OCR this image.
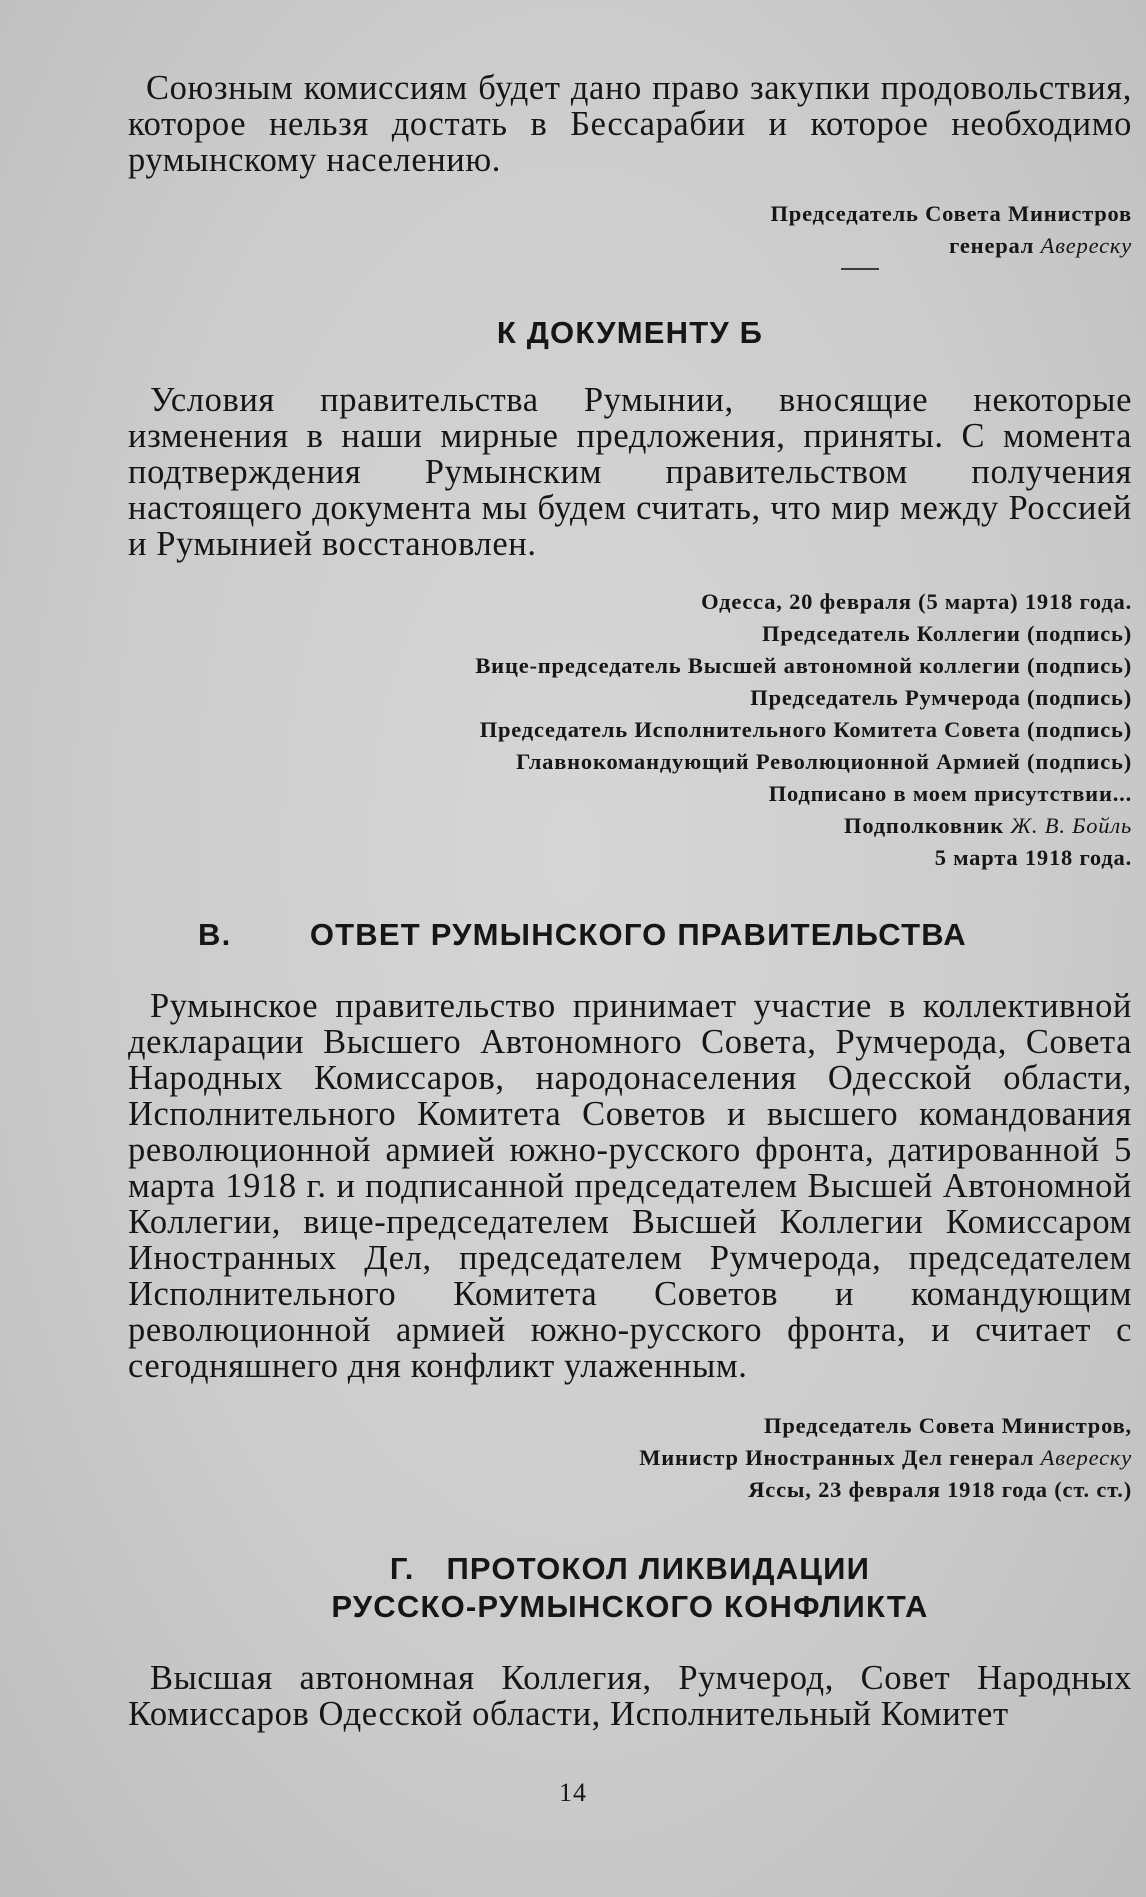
Союзным комиссиям будет дано право закупки продовольствия, которое нельзя достать в Бессарабии и которое необходимо румынскому населению.

Председатель Совета Министров
генерал Авереску
К ДОКУМЕНТУ Б

Условия правительства Румынии, вносящие некоторые изменения в наши мирные предложения, приняты. С момента подтверждения Румынским правительством получения настоящего документа мы будем считать, что мир между Россией и Румынией восстановлен.

Одесса, 20 февраля (5 марта) 1918 года.
Председатель Коллегии (подпись)
Вице-председатель Высшей автономной коллегии (подпись)
Председатель Румчерода (подпись)
Председатель Исполнительного Комитета Совета (подпись)
Главнокомандующий Революционной Армией (подпись)
Подписано в моем присутствии...
Подполковник Ж. В. Бойль
5 марта 1918 года.
В.	ОТВЕТ РУМЫНСКОГО ПРАВИТЕЛЬСТВА

Румынское правительство принимает участие в коллективной декларации Высшего Автономного Совета, Румчерода, Совета Народных Комиссаров, народонаселения Одесской области, Исполнительного Комитета Советов и высшего командования революционной армией южно-русского фронта, датированной 5 марта 1918 г. и подписанной председателем Высшей Автономной Коллегии, вице-председателем Высшей Коллегии Комиссаром Иностранных Дел, председателем Румчерода, председателем Исполнительного Комитета Советов и командующим революционной армией южно-русского фронта, и считает с сегодняшнего дня конфликт улаженным.

Председатель Совета Министров,
Министр Иностранных Дел генерал Авереску
Яссы, 23 февраля 1918 года (ст. ст.)
Г. ПРОТОКОЛ ЛИКВИДАЦИИ
РУССКО-РУМЫНСКОГО КОНФЛИКТА

Высшая автономная Коллегия, Румчерод, Совет Народных Комиссаров Одесской области, Исполнительный Комитет

14
